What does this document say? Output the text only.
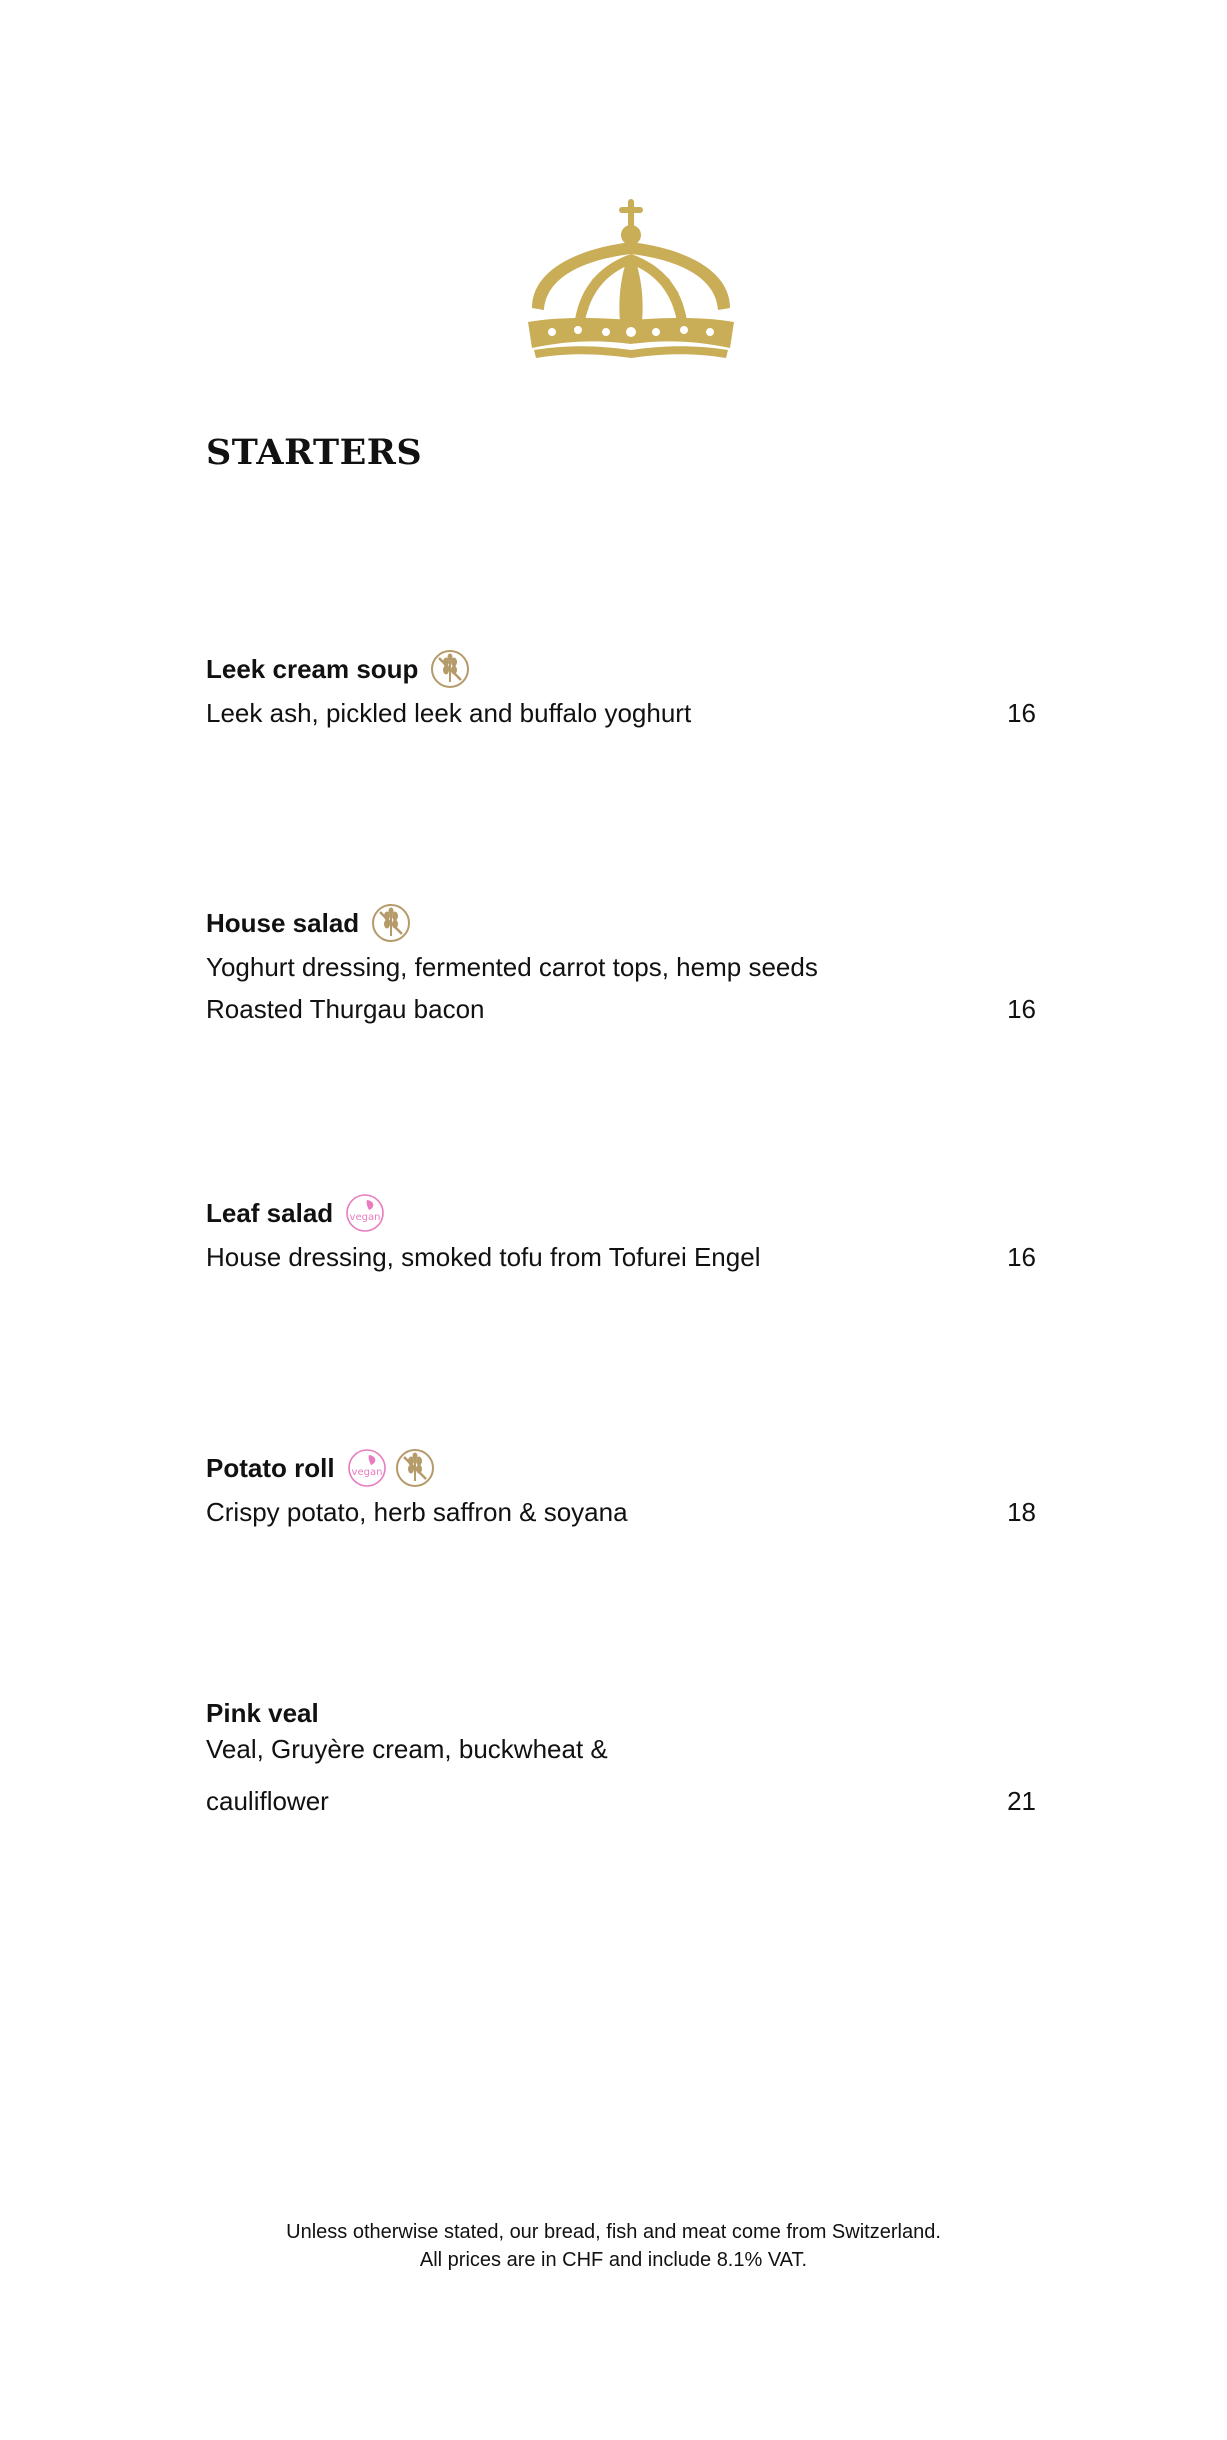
STARTERS
Leek cream soup
Leek ash, pickled leek and buffalo yoghurt	16
House salad
Yoghurt dressing, fermented carrot tops, hemp seeds
Roasted Thurgau bacon	16
Leaf salad vegan
House dressing, smoked tofu from Tofurei Engel	16
Potato roll vegan
Crispy potato, herb saffron & soyana	18
Pink veal
Veal, Gruyère cream, buckwheat &
cauliflower	21
Unless otherwise stated, our bread, fish and meat come from Switzerland.
All prices are in CHF and include 8.1% VAT.
